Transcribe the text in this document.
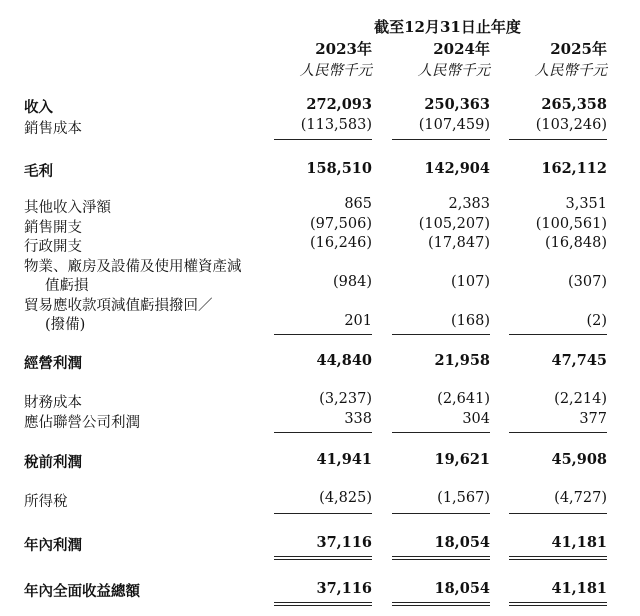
截至12月31日止年度
2023年
人民幣千元
2024年
人民幣千元
2025年
人民幣千元
收入	272,093	250,363	265,358
銷售成本	(113,583)	(107,459)	(103,246)
毛利	158,510	142,904	162,112
其他收入淨額	865	2,383	3,351
銷售開支	(97,506)	(105,207)	(100,561)
行政開支	(16,246)	(17,847)	(16,848)
物業、廠房及設備及使用權資產減
值虧損	(984)	(107)	(307)
貿易應收款項減值虧損撥回／
(撥備)	201	(168)	(2)
經營利潤	44,840	21,958	47,745
財務成本	(3,237)	(2,641)	(2,214)
應佔聯營公司利潤	338	304	377
稅前利潤	41,941	19,621	45,908
所得稅	(4,825)	(1,567)	(4,727)
年內利潤	37,116	18,054	41,181
年內全面收益總額	37,116	18,054	41,181
